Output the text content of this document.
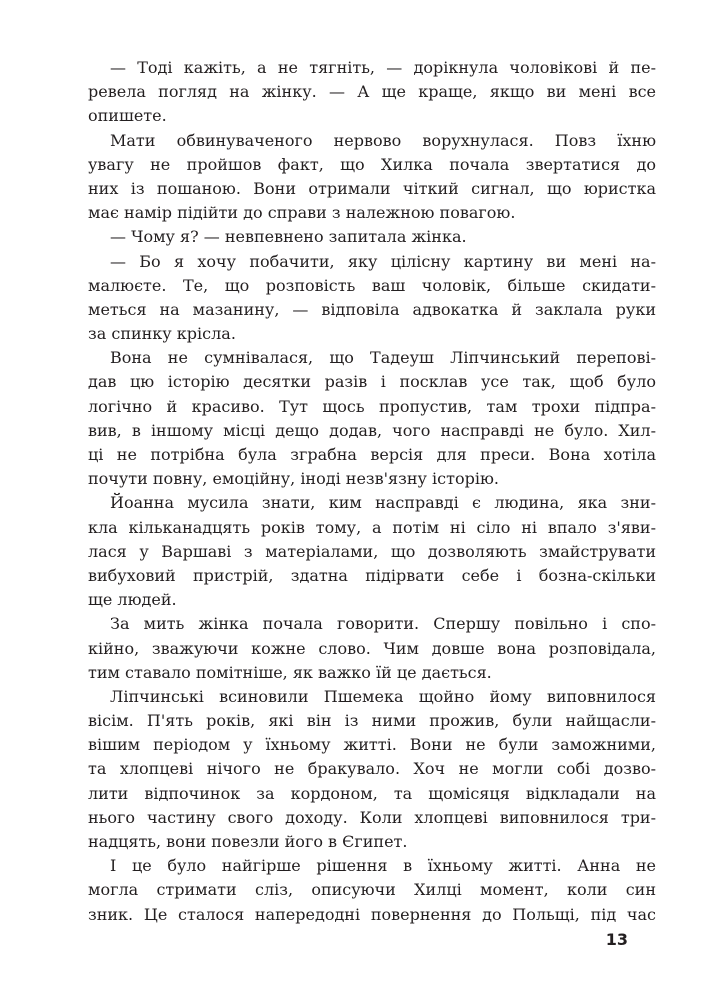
— Тоді кажіть, а не тягніть, — дорікнула чоловікові й пе-
ревела погляд на жінку. — А ще краще, якщо ви мені все
опишете.
Мати обвинуваченого нервово ворухнулася. Повз їхню
увагу не пройшов факт, що Хилка почала звертатися до
них із пошаною. Вони отримали чіткий сигнал, що юристка
має намір підійти до справи з належною повагою.
— Чому я? — невпевнено запитала жінка.
— Бо я хочу побачити, яку цілісну картину ви мені на-
малюєте. Те, що розповість ваш чоловік, більше скидати-
меться на мазанину, — відповіла адвокатка й заклала руки
за спинку крісла.
Вона не сумнівалася, що Тадеуш Ліпчинський перепові-
дав цю історію десятки разів і посклав усе так, щоб було
логічно й красиво. Тут щось пропустив, там трохи підпра-
вив, в іншому місці дещо додав, чого насправді не було. Хил-
ці не потрібна була зграбна версія для преси. Вона хотіла
почути повну, емоційну, іноді незв'язну історію.
Йоанна мусила знати, ким насправді є людина, яка зни-
кла кільканадцять років тому, а потім ні сіло ні впало з'яви-
лася у Варшаві з матеріалами, що дозволяють змайструвати
вибуховий пристрій, здатна підірвати себе і бозна-скільки
ще людей.
За мить жінка почала говорити. Спершу повільно і спо-
кійно, зважуючи кожне слово. Чим довше вона розповідала,
тим ставало помітніше, як важко їй це дається.
Ліпчинські всиновили Пшемека щойно йому виповнилося
вісім. П'ять років, які він із ними прожив, були найщасли-
вішим періодом у їхньому житті. Вони не були заможними,
та хлопцеві нічого не бракувало. Хоч не могли собі дозво-
лити відпочинок за кордоном, та щомісяця відкладали на
нього частину свого доходу. Коли хлопцеві виповнилося три-
надцять, вони повезли його в Єгипет.
І це було найгірше рішення в їхньому житті. Анна не
могла стримати сліз, описуючи Хилці момент, коли син
зник. Це сталося напередодні повернення до Польщі, під час
13
